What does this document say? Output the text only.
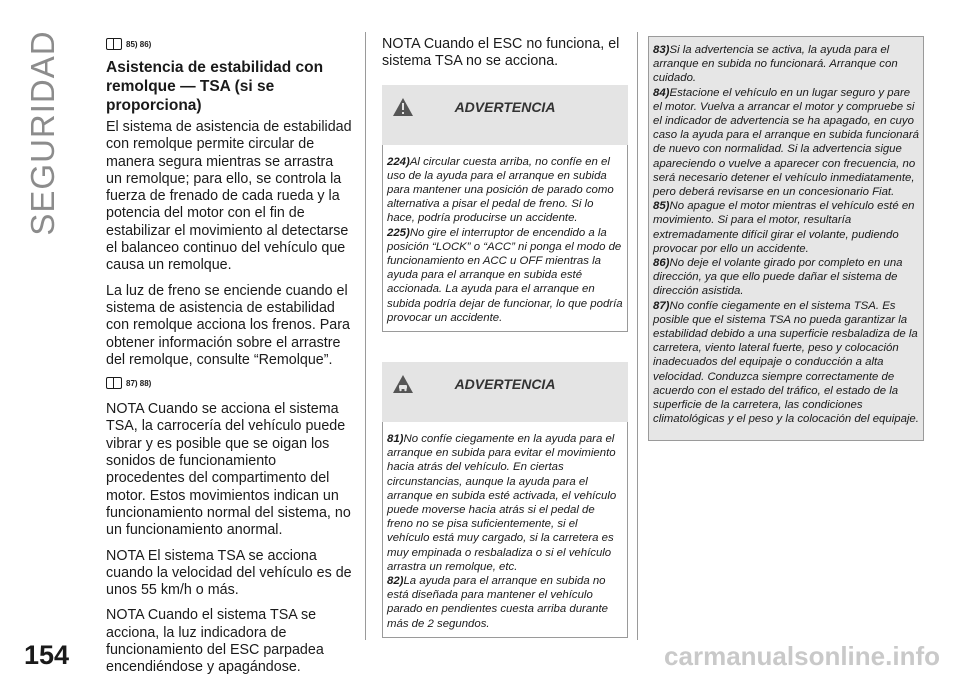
SEGURIDAD	85) 86)
Asistencia de estabilidad con remolque — TSA (si se proporciona)

El sistema de asistencia de estabilidad con remolque permite circular de manera segura mientras se arrastra un remolque; para ello, se controla la fuerza de frenado de cada rueda y la potencia del motor con el fin de estabilizar el movimiento al detectarse el balanceo continuo del vehículo que causa un remolque.

La luz de freno se enciende cuando el sistema de asistencia de estabilidad con remolque acciona los frenos. Para obtener información sobre el arrastre del remolque, consulte “Remolque”.

87) 88)

NOTA Cuando se acciona el sistema TSA, la carrocería del vehículo puede vibrar y es posible que se oigan los sonidos de funcionamiento procedentes del compartimento del motor. Estos movimientos indican un funcionamiento normal del sistema, no un funcionamiento anormal.

NOTA El sistema TSA se acciona cuando la velocidad del vehículo es de unos 55 km/h o más.

NOTA Cuando el sistema TSA se acciona, la luz indicadora de funcionamiento del ESC parpadea encendiéndose y apagándose.

NOTA Cuando el ESC no funciona, el sistema TSA no se acciona.

ADVERTENCIA

224)Al circular cuesta arriba, no confíe en el uso de la ayuda para el arranque en subida para mantener una posición de parado como alternativa a pisar el pedal de freno. Si lo hace, podría producirse un accidente.

225)No gire el interruptor de encendido a la posición “LOCK” o “ACC” ni ponga el modo de funcionamiento en ACC u OFF mientras la ayuda para el arranque en subida esté accionada. La ayuda para el arranque en subida podría dejar de funcionar, lo que podría provocar un accidente.

ADVERTENCIA

81)No confíe ciegamente en la ayuda para el arranque en subida para evitar el movimiento hacia atrás del vehículo. En ciertas circunstancias, aunque la ayuda para el arranque en subida esté activada, el vehículo puede moverse hacia atrás si el pedal de freno no se pisa suficientemente, si el vehículo está muy cargado, si la carretera es muy empinada o resbaladiza o si el vehículo arrastra un remolque, etc.

82)La ayuda para el arranque en subida no está diseñada para mantener el vehículo parado en pendientes cuesta arriba durante más de 2 segundos.

83)Si la advertencia se activa, la ayuda para el arranque en subida no funcionará. Arranque con cuidado.

84)Estacione el vehículo en un lugar seguro y pare el motor. Vuelva a arrancar el motor y compruebe si el indicador de advertencia se ha apagado, en cuyo caso la ayuda para el arranque en subida funcionará de nuevo con normalidad. Si la advertencia sigue apareciendo o vuelve a aparecer con frecuencia, no será necesario detener el vehículo inmediatamente, pero deberá revisarse en un concesionario Fiat.

85)No apague el motor mientras el vehículo esté en movimiento. Si para el motor, resultaría extremadamente difícil girar el volante, pudiendo provocar por ello un accidente.

86)No deje el volante girado por completo en una dirección, ya que ello puede dañar el sistema de dirección asistida.

87)No confíe ciegamente en el sistema TSA. Es posible que el sistema TSA no pueda garantizar la estabilidad debido a una superficie resbaladiza de la carretera, viento lateral fuerte, peso y colocación inadecuados del equipaje o conducción a alta velocidad. Conduzca siempre correctamente de acuerdo con el estado del tráfico, el estado de la superficie de la carretera, las condiciones climatológicas y el peso y la colocación del equipaje.

154	carmanualsonline.info
